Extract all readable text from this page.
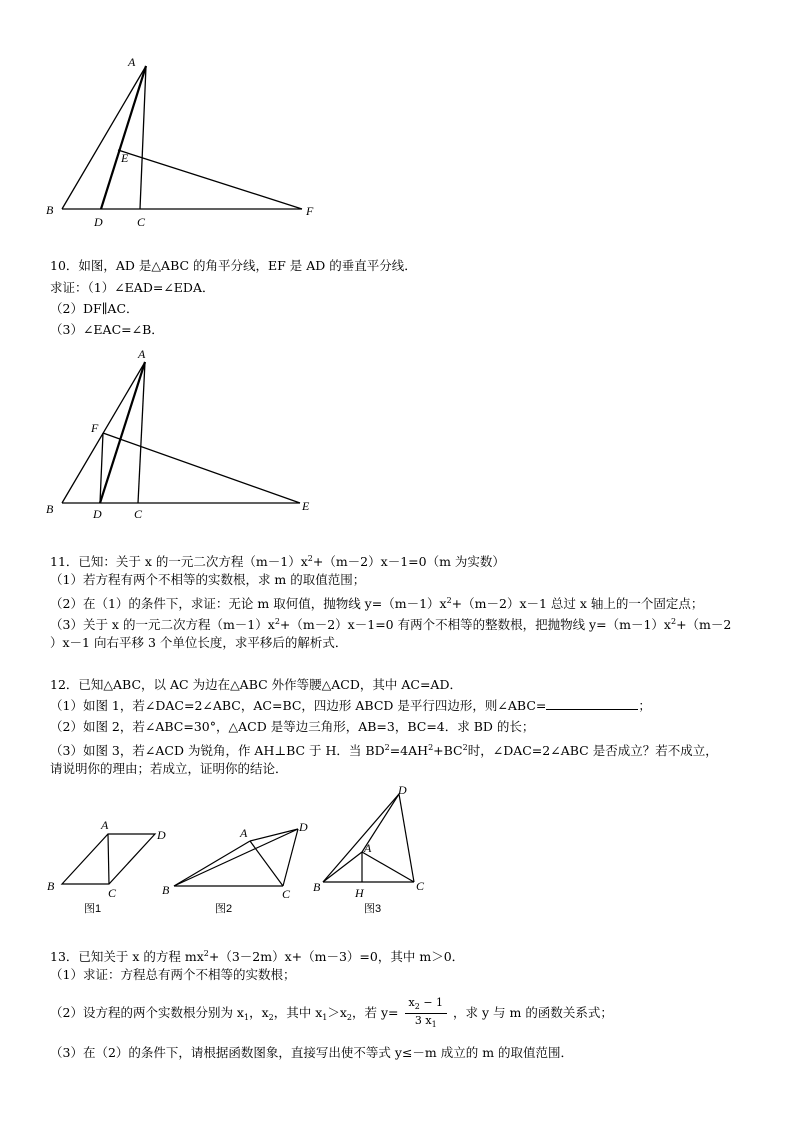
A
B
C
D
E
F
10．如图，AD 是△ABC 的角平分线，EF 是 AD 的垂直平分线．
求证：（1）∠EAD=∠EDA．
（2）DF∥AC．
（3）∠EAC=∠B．
A
B	C
D
E
F
11．已知：关于 x 的一元二次方程$(m-1)x^2+(m-2)x-1=0(m$ 为实数）
（1）若方程有两个不相等的实数根，求 m 的取值范围；
（2）在（1）的条件下，求证：无论 m 取何值，抛物线 $y=(m-1)x^2+(m-2)x-1$ 总过 x 轴上的一个固定点；
（3）关于 x 的一元二次方程$(m-1)x^2+(m-2)x-1=0$ 有两个不相等的整数根，把抛物线 $y=(m-1)x^2+(m-2$
）x－1 向右平移 3 个单位长度，求平移后的解析式．
12．已知△ABC，以 AC 为边在△ABC 外作等腰△ACD，其中 AC=AD．
（1）如图 1，若∠DAC=2∠ABC，AC=BC，四边形 ABCD 是平行四边形，则∠ABC=	；
（2）如图 2，若∠ABC=30°，△ACD 是等边三角形，AB=3，BC=4．求 BD 的长；
（3）如图 3，若∠ACD 为锐角，作 AH⊥BC 于 H．当 $BD^2=4AH^2+BC^2$时，∠DAC=2∠ABC 是否成立？若不成立，
请说明你的理由；若成立，证明你的结论．
A
B	C
D
图1
A
B	C
D
图2
A
B	C
D
H
图3
13．已知关于 x 的方程 $mx^2+(3-2m)x+(m-3)=0$，其中 m＞0．
（1）求证：方程总有两个不相等的实数根；
（2）设方程的两个实数根分别为 $x_1$，$x_2$，其中 $x_1>x_2$，若 $y= \frac{x_2 - 1}{3 x_1}$ ，求 y 与 m 的函数关系式；
（3）在（2）的条件下，请根据函数图象，直接写出使不等式 y≤－m 成立的 m 的取值范围．
